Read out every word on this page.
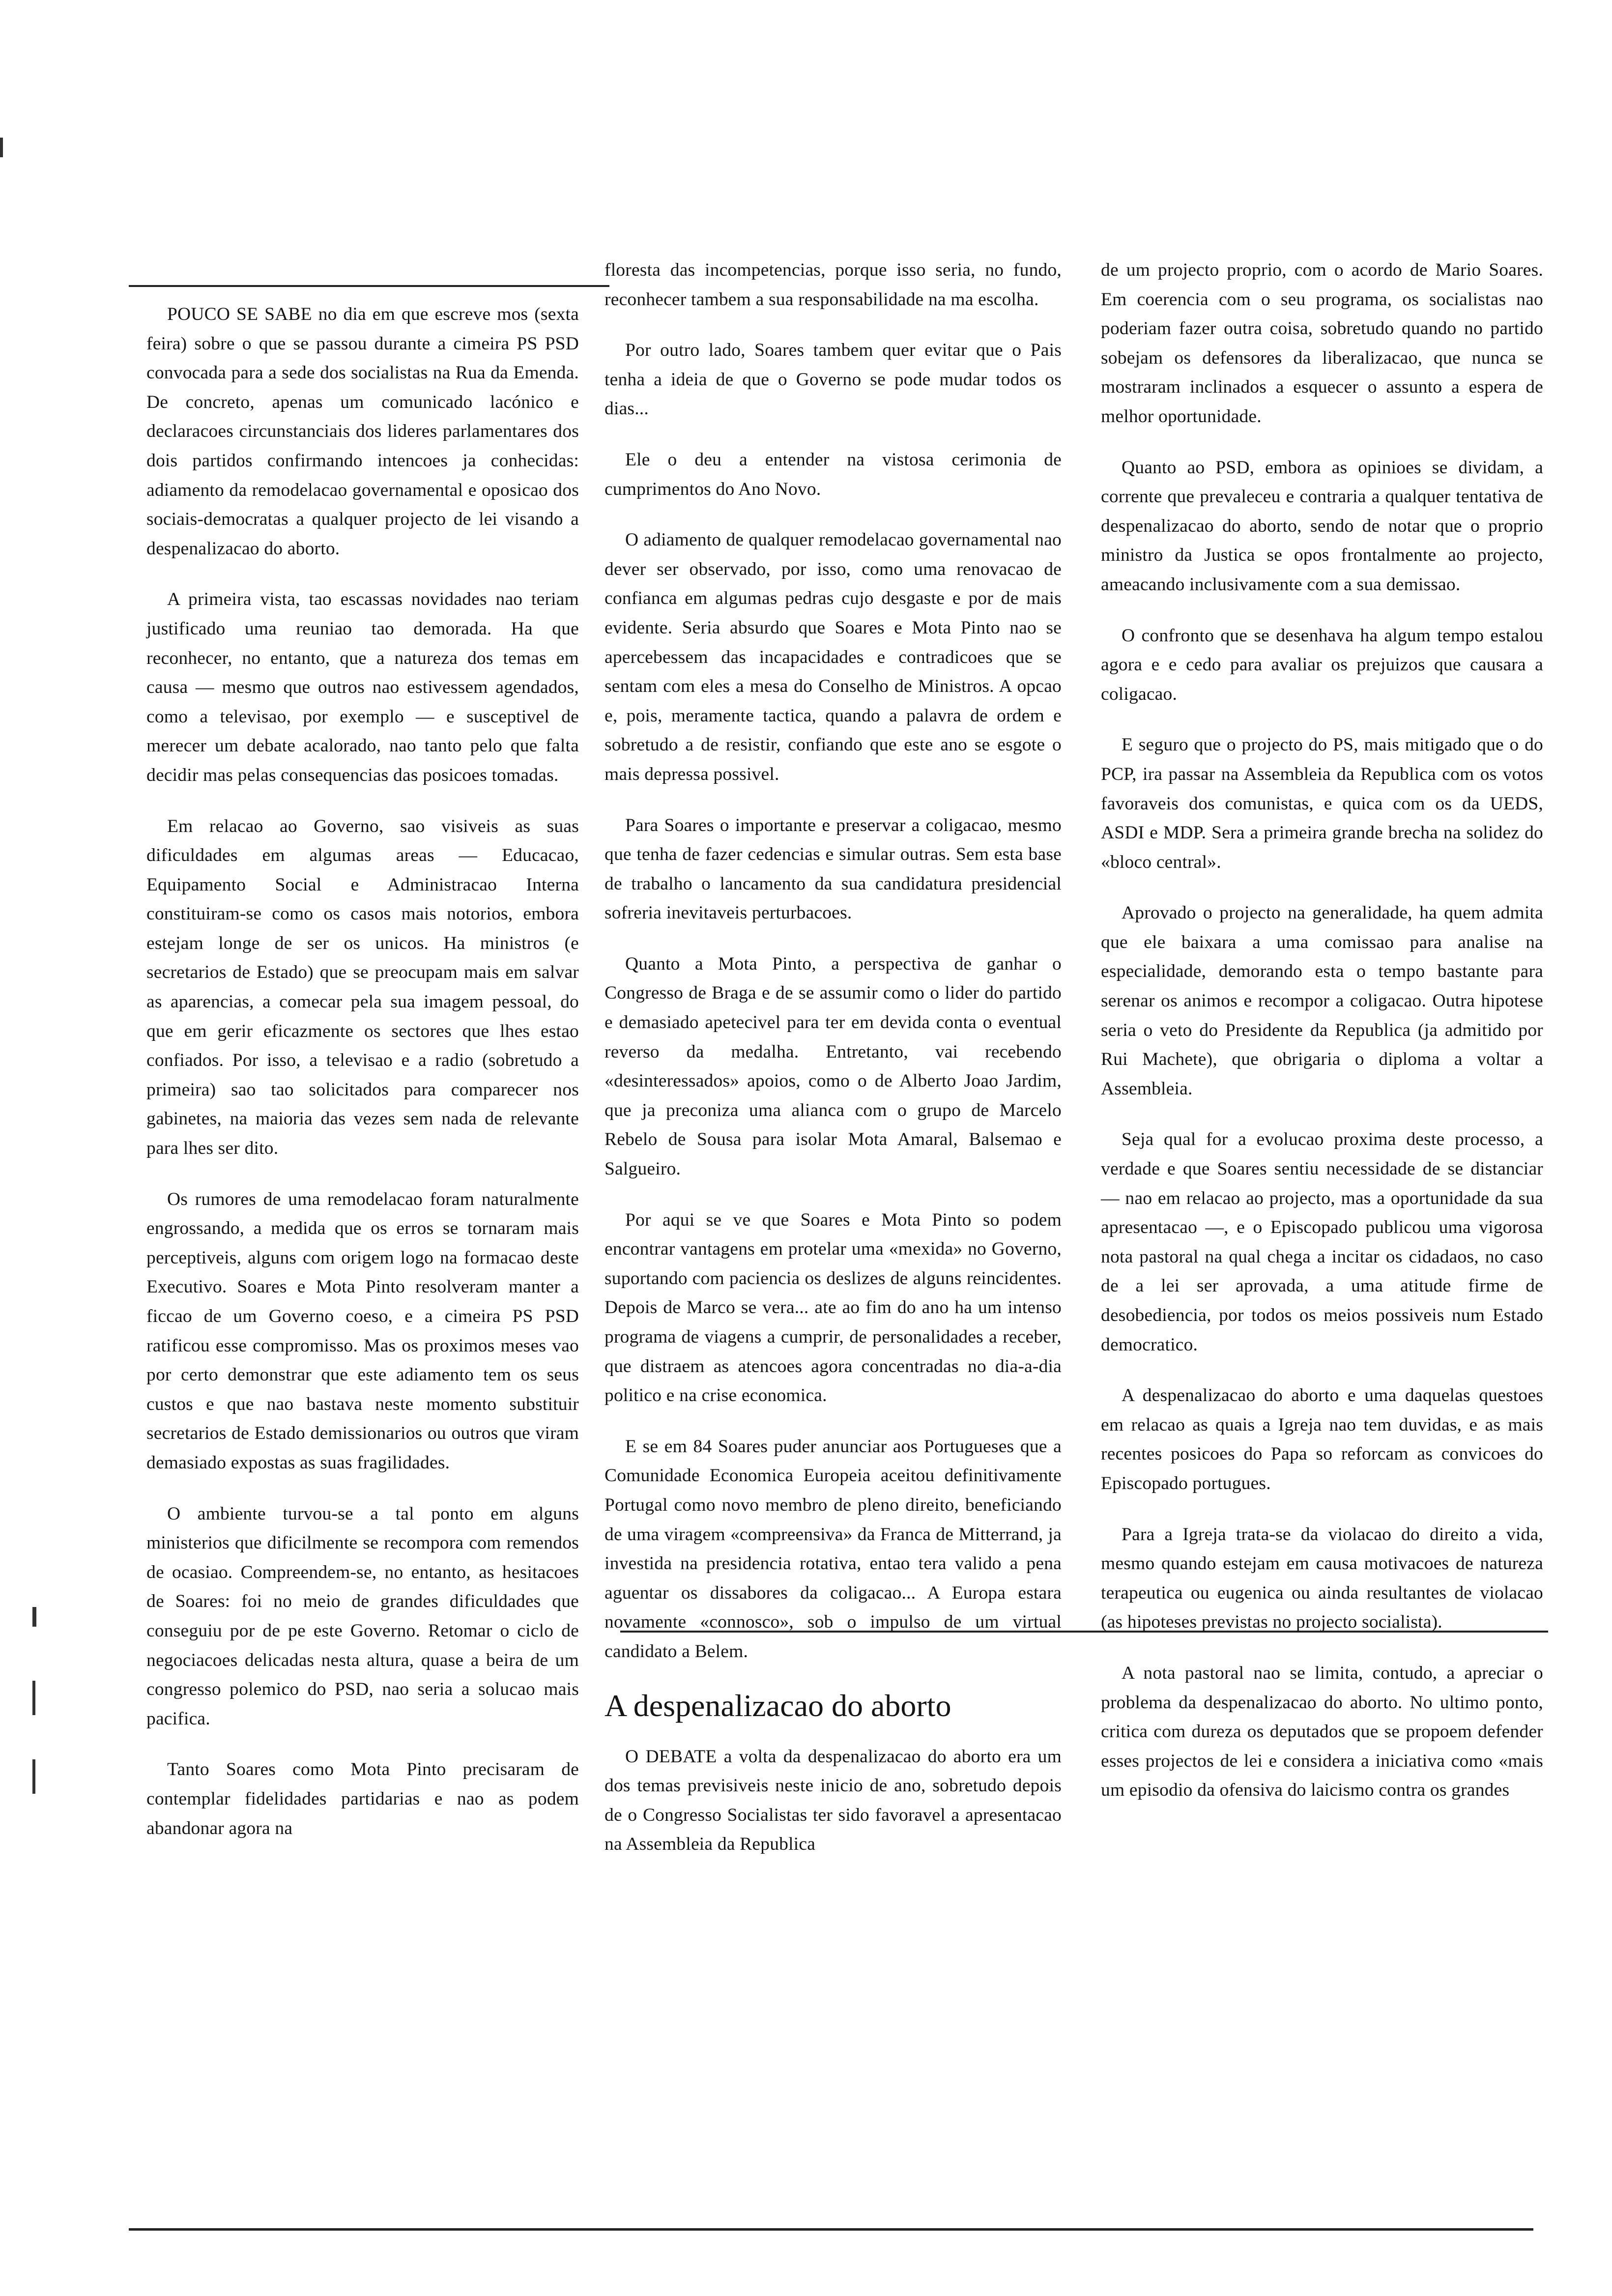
POUCO SE SABE no dia em que escreve mos (sexta feira) sobre o que se passou durante a cimeira PS PSD convocada para a sede dos socialistas na Rua da Emenda. De concreto, apenas um comunicado lacónico e declaracoes circunstanciais dos lideres parlamentares dos dois partidos confirmando intencoes ja conhecidas: adiamento da remodelacao governamental e oposicao dos sociais-democratas a qualquer projecto de lei visando a despenalizacao do aborto.

A primeira vista, tao escassas novidades nao teriam justificado uma reuniao tao demorada. Ha que reconhecer, no entanto, que a natureza dos temas em causa — mesmo que outros nao estivessem agendados, como a televisao, por exemplo — e susceptivel de merecer um debate acalorado, nao tanto pelo que falta decidir mas pelas consequencias das posicoes tomadas.

Em relacao ao Governo, sao visiveis as suas dificuldades em algumas areas — Educacao, Equipamento Social e Administracao Interna constituiram-se como os casos mais notorios, embora estejam longe de ser os unicos. Ha ministros (e secretarios de Estado) que se preocupam mais em salvar as aparencias, a comecar pela sua imagem pessoal, do que em gerir eficazmente os sectores que lhes estao confiados. Por isso, a televisao e a radio (sobretudo a primeira) sao tao solicitados para comparecer nos gabinetes, na maioria das vezes sem nada de relevante para lhes ser dito.

Os rumores de uma remodelacao foram naturalmente engrossando, a medida que os erros se tornaram mais perceptiveis, alguns com origem logo na formacao deste Executivo. Soares e Mota Pinto resolveram manter a ficcao de um Governo coeso, e a cimeira PS PSD ratificou esse compromisso. Mas os proximos meses vao por certo demonstrar que este adiamento tem os seus custos e que nao bastava neste momento substituir secretarios de Estado demissionarios ou outros que viram demasiado expostas as suas fragilidades.

O ambiente turvou-se a tal ponto em alguns ministerios que dificilmente se recompora com remendos de ocasiao. Compreendem-se, no entanto, as hesitacoes de Soares: foi no meio de grandes dificuldades que conseguiu por de pe este Governo. Retomar o ciclo de negociacoes delicadas nesta altura, quase a beira de um congresso polemico do PSD, nao seria a solucao mais pacifica.

Tanto Soares como Mota Pinto precisaram de contemplar fidelidades partidarias e nao as podem abandonar agora na

floresta das incompetencias, porque isso seria, no fundo, reconhecer tambem a sua responsabilidade na ma escolha.

Por outro lado, Soares tambem quer evitar que o Pais tenha a ideia de que o Governo se pode mudar todos os dias...

Ele o deu a entender na vistosa cerimonia de cumprimentos do Ano Novo.

O adiamento de qualquer remodelacao governamental nao dever ser observado, por isso, como uma renovacao de confianca em algumas pedras cujo desgaste e por de mais evidente. Seria absurdo que Soares e Mota Pinto nao se apercebessem das incapacidades e contradicoes que se sentam com eles a mesa do Conselho de Ministros. A opcao e, pois, meramente tactica, quando a palavra de ordem e sobretudo a de resistir, confiando que este ano se esgote o mais depressa possivel.

Para Soares o importante e preservar a coligacao, mesmo que tenha de fazer cedencias e simular outras. Sem esta base de trabalho o lancamento da sua candidatura presidencial sofreria inevitaveis perturbacoes.

Quanto a Mota Pinto, a perspectiva de ganhar o Congresso de Braga e de se assumir como o lider do partido e demasiado apetecivel para ter em devida conta o eventual reverso da medalha. Entretanto, vai recebendo «desinteressados» apoios, como o de Alberto Joao Jardim, que ja preconiza uma alianca com o grupo de Marcelo Rebelo de Sousa para isolar Mota Amaral, Balsemao e Salgueiro.

Por aqui se ve que Soares e Mota Pinto so podem encontrar vantagens em protelar uma «mexida» no Governo, suportando com paciencia os deslizes de alguns reincidentes. Depois de Marco se vera... ate ao fim do ano ha um intenso programa de viagens a cumprir, de personalidades a receber, que distraem as atencoes agora concentradas no dia-a-dia politico e na crise economica.

E se em 84 Soares puder anunciar aos Portugueses que a Comunidade Economica Europeia aceitou definitivamente Portugal como novo membro de pleno direito, beneficiando de uma viragem «compreensiva» da Franca de Mitterrand, ja investida na presidencia rotativa, entao tera valido a pena aguentar os dissabores da coligacao... A Europa estara novamente «connosco», sob o impulso de um virtual candidato a Belem.

A despenalizacao do aborto

O DEBATE a volta da despenalizacao do aborto era um dos temas previsiveis neste inicio de ano, sobretudo depois de o Congresso Socialistas ter sido favoravel a apresentacao na Assembleia da Republica

de um projecto proprio, com o acordo de Mario Soares. Em coerencia com o seu programa, os socialistas nao poderiam fazer outra coisa, sobretudo quando no partido sobejam os defensores da liberalizacao, que nunca se mostraram inclinados a esquecer o assunto a espera de melhor oportunidade.

Quanto ao PSD, embora as opinioes se dividam, a corrente que prevaleceu e contraria a qualquer tentativa de despenalizacao do aborto, sendo de notar que o proprio ministro da Justica se opos frontalmente ao projecto, ameacando inclusivamente com a sua demissao.

O confronto que se desenhava ha algum tempo estalou agora e e cedo para avaliar os prejuizos que causara a coligacao.

E seguro que o projecto do PS, mais mitigado que o do PCP, ira passar na Assembleia da Republica com os votos favoraveis dos comunistas, e quica com os da UEDS, ASDI e MDP. Sera a primeira grande brecha na solidez do «bloco central».

Aprovado o projecto na generalidade, ha quem admita que ele baixara a uma comissao para analise na especialidade, demorando esta o tempo bastante para serenar os animos e recompor a coligacao. Outra hipotese seria o veto do Presidente da Republica (ja admitido por Rui Machete), que obrigaria o diploma a voltar a Assembleia.

Seja qual for a evolucao proxima deste processo, a verdade e que Soares sentiu necessidade de se distanciar — nao em relacao ao projecto, mas a oportunidade da sua apresentacao —, e o Episcopado publicou uma vigorosa nota pastoral na qual chega a incitar os cidadaos, no caso de a lei ser aprovada, a uma atitude firme de desobediencia, por todos os meios possiveis num Estado democratico.

A despenalizacao do aborto e uma daquelas questoes em relacao as quais a Igreja nao tem duvidas, e as mais recentes posicoes do Papa so reforcam as convicoes do Episcopado portugues.

Para a Igreja trata-se da violacao do direito a vida, mesmo quando estejam em causa motivacoes de natureza terapeutica ou eugenica ou ainda resultantes de violacao (as hipoteses previstas no projecto socialista).

A nota pastoral nao se limita, contudo, a apreciar o problema da despenalizacao do aborto. No ultimo ponto, critica com dureza os deputados que se propoem defender esses projectos de lei e considera a iniciativa como «mais um episodio da ofensiva do laicismo contra os grandes
